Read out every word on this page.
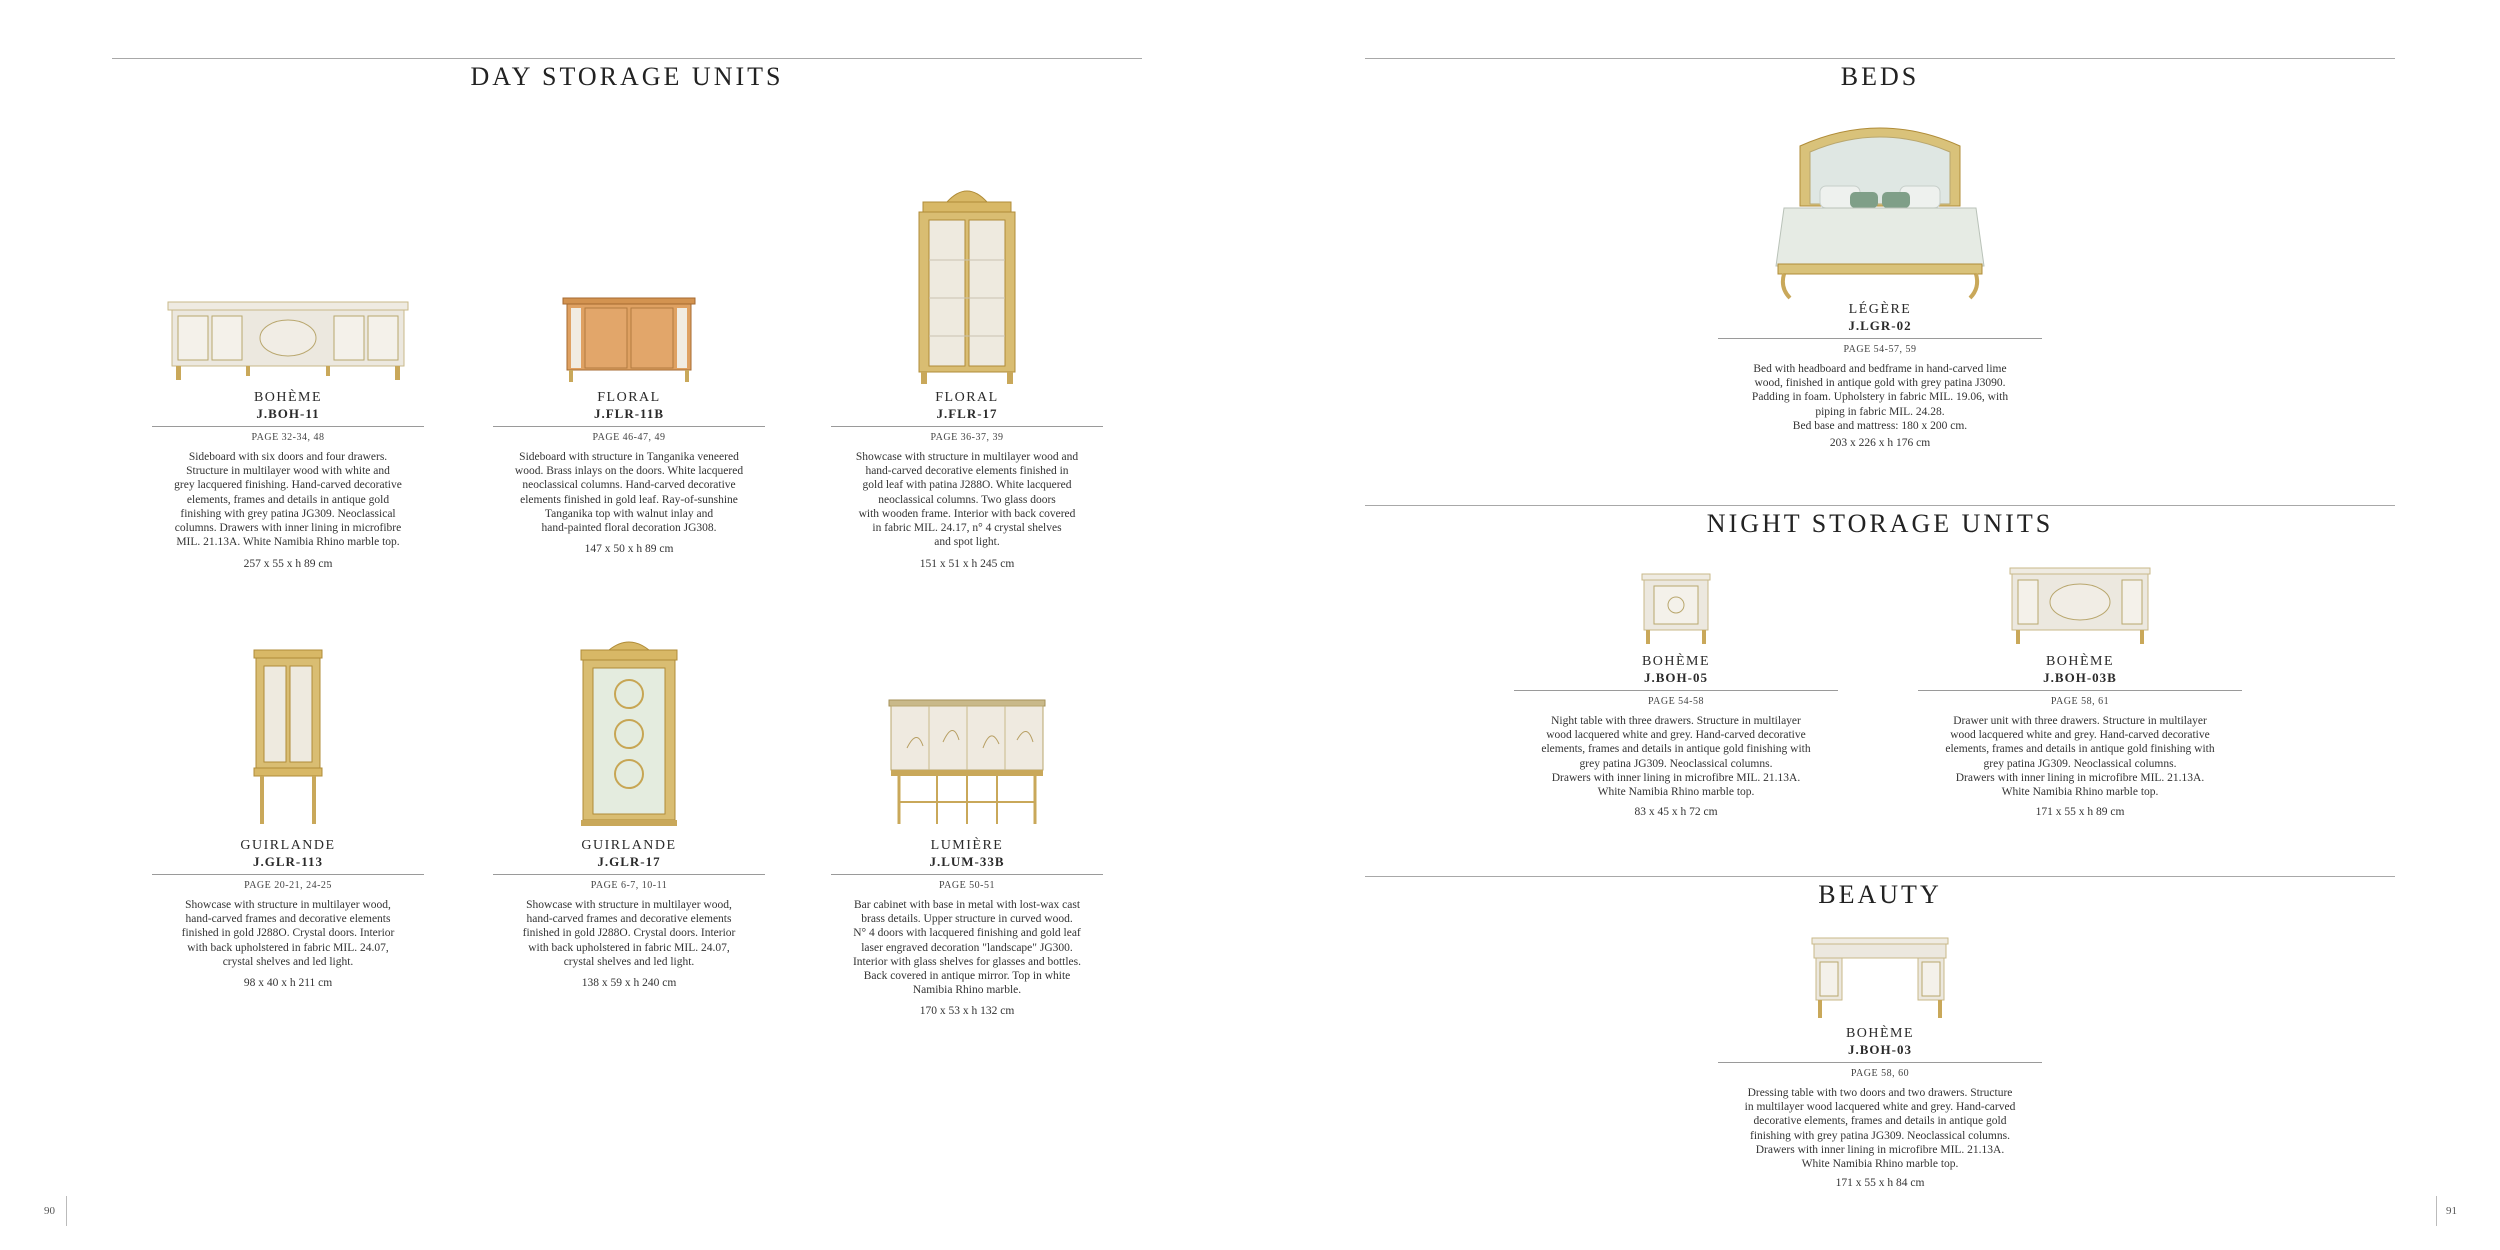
DAY STORAGE UNITS
BOHÈME
J.BOH-11
PAGE 32-34, 48
Sideboard with six doors and four drawers.
Structure in multilayer wood with white and
grey lacquered finishing. Hand-carved decorative
elements, frames and details in antique gold
finishing with grey patina JG309. Neoclassical
columns. Drawers with inner lining in microfibre
MIL. 21.13A. White Namibia Rhino marble top.
257 x 55 x h 89 cm
FLORAL
J.FLR-11B
PAGE 46-47, 49
Sideboard with structure in Tanganika veneered
wood. Brass inlays on the doors. White lacquered
neoclassical columns. Hand-carved decorative
elements finished in gold leaf. Ray-of-sunshine
Tanganika top with walnut inlay and
hand-painted floral decoration JG308.
147 x 50 x h 89 cm
FLORAL
J.FLR-17
PAGE 36-37, 39
Showcase with structure in multilayer wood and
hand-carved decorative elements finished in
gold leaf with patina J288O. White lacquered
neoclassical columns. Two glass doors
with wooden frame. Interior with back covered
in fabric MIL. 24.17, n° 4 crystal shelves
and spot light.
151 x 51 x h 245 cm
GUIRLANDE
J.GLR-113
PAGE 20-21, 24-25
Showcase with structure in multilayer wood,
hand-carved frames and decorative elements
finished in gold J288O. Crystal doors. Interior
with back upholstered in fabric MIL. 24.07,
crystal shelves and led light.
98 x 40 x h 211 cm
GUIRLANDE
J.GLR-17
PAGE 6-7, 10-11
Showcase with structure in multilayer wood,
hand-carved frames and decorative elements
finished in gold J288O. Crystal doors. Interior
with back upholstered in fabric MIL. 24.07,
crystal shelves and led light.
138 x 59 x h 240 cm
LUMIÈRE
J.LUM-33B
PAGE 50-51
Bar cabinet with base in metal with lost-wax cast
brass details. Upper structure in curved wood.
N° 4 doors with lacquered finishing and gold leaf
laser engraved decoration "landscape" JG300.
Interior with glass shelves for glasses and bottles.
Back covered in antique mirror. Top in white
Namibia Rhino marble.
170 x 53 x h 132 cm
90
BEDS
LÉGÈRE
J.LGR-02
PAGE 54-57, 59
Bed with headboard and bedframe in hand-carved lime
wood, finished in antique gold with grey patina J3090.
Padding in foam. Upholstery in fabric MIL. 19.06, with
piping in fabric MIL. 24.28.
Bed base and mattress: 180 x 200 cm.
203 x 226 x h 176 cm
NIGHT STORAGE UNITS
BOHÈME
J.BOH-05
PAGE 54-58
Night table with three drawers. Structure in multilayer
wood lacquered white and grey. Hand-carved decorative
elements, frames and details in antique gold finishing with
grey patina JG309. Neoclassical columns.
Drawers with inner lining in microfibre MIL. 21.13A.
White Namibia Rhino marble top.
83 x 45 x h 72 cm
BOHÈME
J.BOH-03B
PAGE 58, 61
Drawer unit with three drawers. Structure in multilayer
wood lacquered white and grey. Hand-carved decorative
elements, frames and details in antique gold finishing with
grey patina JG309. Neoclassical columns.
Drawers with inner lining in microfibre MIL. 21.13A.
White Namibia Rhino marble top.
171 x 55 x h 89 cm
BEAUTY
BOHÈME
J.BOH-03
PAGE 58, 60
Dressing table with two doors and two drawers. Structure
in multilayer wood lacquered white and grey. Hand-carved
decorative elements, frames and details in antique gold
finishing with grey patina JG309. Neoclassical columns.
Drawers with inner lining in microfibre MIL. 21.13A.
White Namibia Rhino marble top.
171 x 55 x h 84 cm
91
